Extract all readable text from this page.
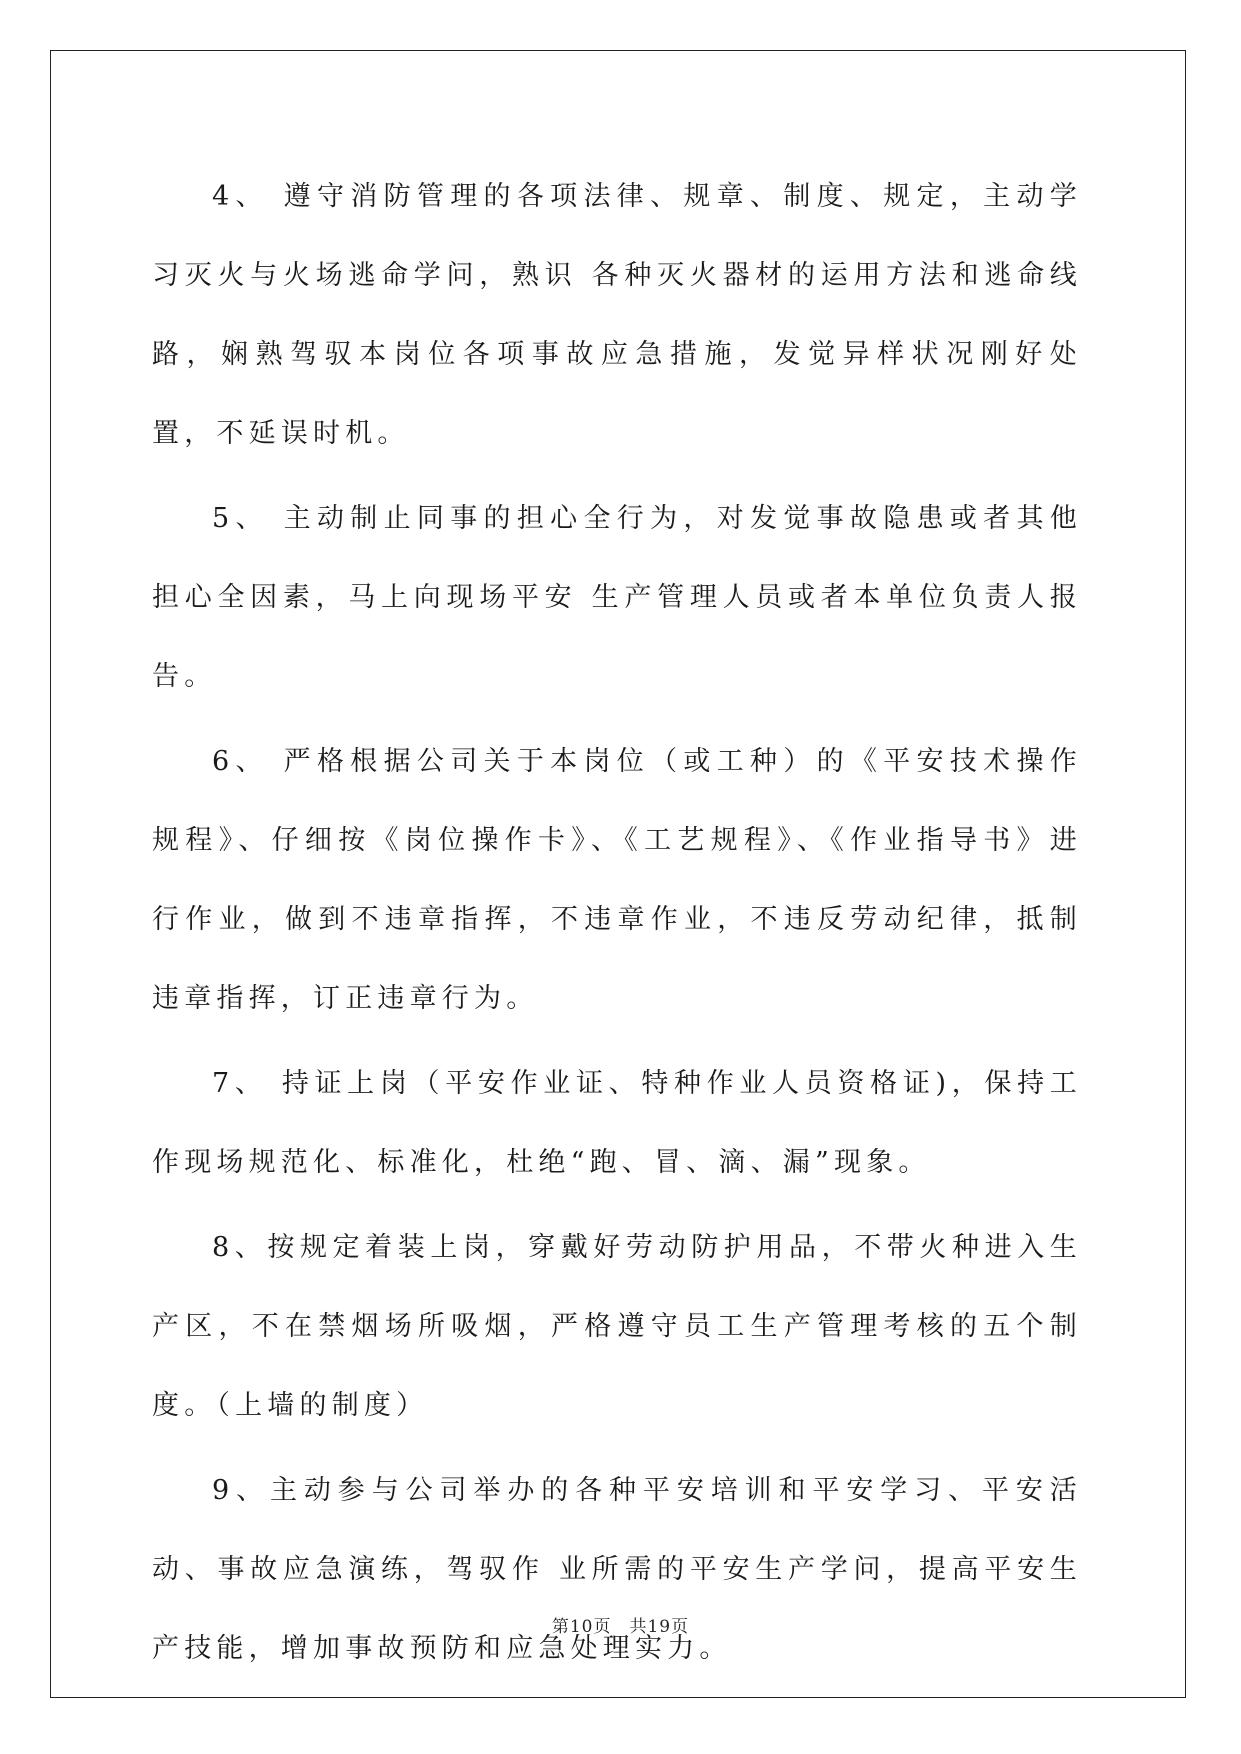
4、 遵守消防管理的各项法律、规章、制度、规定，主动学习灭火与火场逃命学问，熟识 各种灭火器材的运用方法和逃命线路，娴熟驾驭本岗位各项事故应急措施，发觉异样状况刚好处置，不延误时机。

5、 主动制止同事的担心全行为，对发觉事故隐患或者其他担心全因素，马上向现场平安 生产管理人员或者本单位负责人报告。

6、 严格根据公司关于本岗位（或工种）的《平安技术操作规程》、仔细按《岗位操作卡》、《工艺规程》、《作业指导书》进行作业，做到不违章指挥，不违章作业，不违反劳动纪律，抵制违章指挥，订正违章行为。

7、 持证上岗（平安作业证、特种作业人员资格证)，保持工作现场规范化、标准化，杜绝“跑、冒、滴、漏”现象。

8、按规定着装上岗，穿戴好劳动防护用品，不带火种进入生产区，不在禁烟场所吸烟，严格遵守员工生产管理考核的五个制度。（上墙的制度）

9、主动参与公司举办的各种平安培训和平安学习、平安活动、事故应急演练，驾驭作 业所需的平安生产学问，提高平安生产技能，增加事故预防和应急处理实力。

第10页　共19页
